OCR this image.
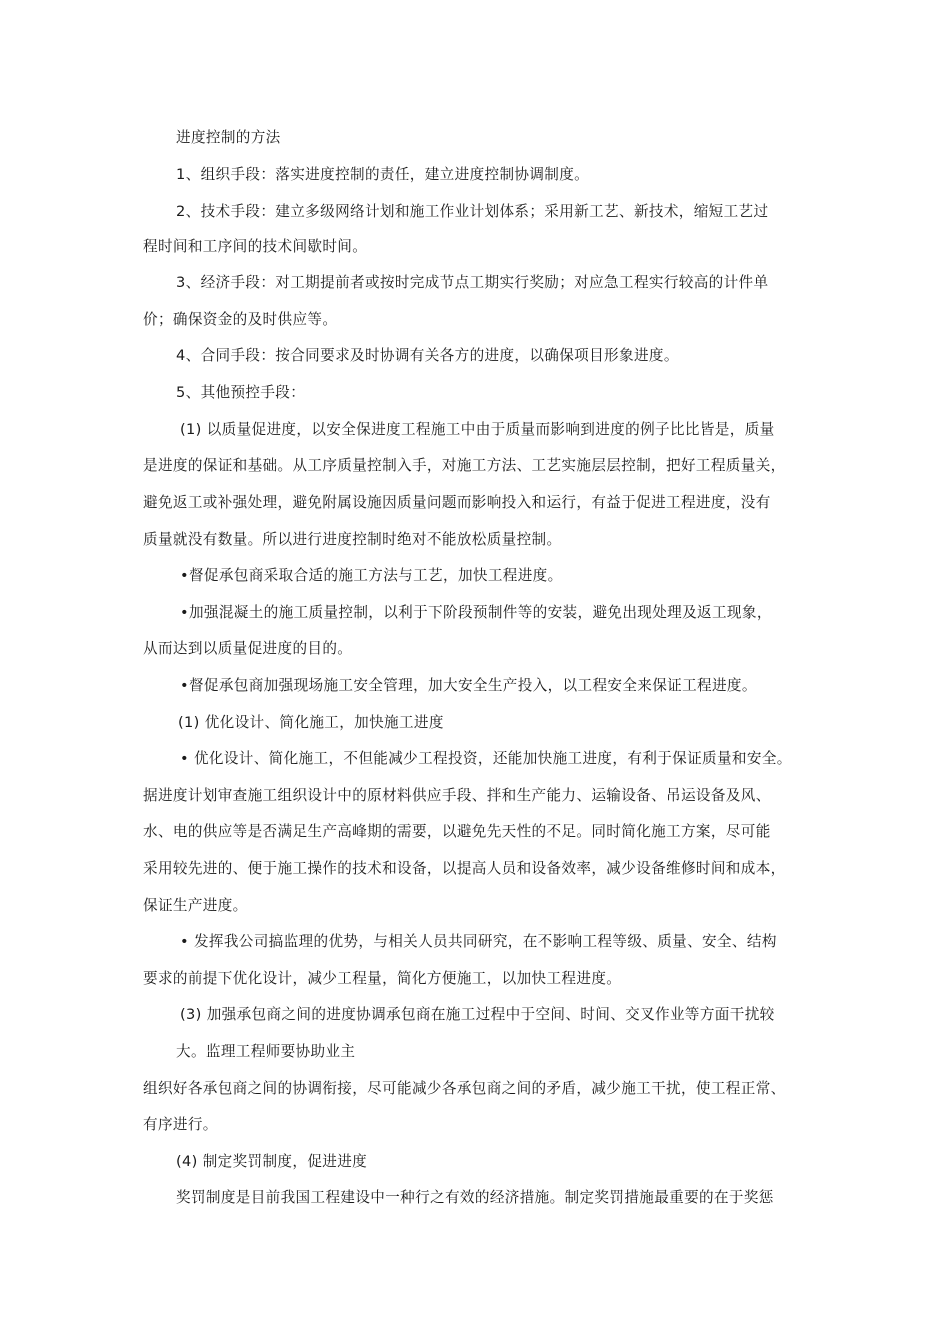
进度控制的方法
1、组织手段：落实进度控制的责任，建立进度控制协调制度。
2、技术手段：建立多级网络计划和施工作业计划体系；采用新工艺、新技术，缩短工艺过
程时间和工序间的技术间歇时间。
3、经济手段：对工期提前者或按时完成节点工期实行奖励；对应急工程实行较高的计件单
价；确保资金的及时供应等。
4、合同手段：按合同要求及时协调有关各方的进度，以确保项目形象进度。
5、其他预控手段：
(1) 以质量促进度，以安全保进度工程施工中由于质量而影响到进度的例子比比皆是，质量
是进度的保证和基础。从工序质量控制入手，对施工方法、工艺实施层层控制，把好工程质量关，
避免返工或补强处理，避免附属设施因质量问题而影响投入和运行，有益于促进工程进度，没有
质量就没有数量。所以进行进度控制时绝对不能放松质量控制。
•督促承包商采取合适的施工方法与工艺，加快工程进度。
•加强混凝土的施工质量控制，以利于下阶段预制件等的安装，避免出现处理及返工现象，
从而达到以质量促进度的目的。
•督促承包商加强现场施工安全管理，加大安全生产投入，以工程安全来保证工程进度。
(1) 优化设计、简化施工，加快施工进度
• 优化设计、简化施工，不但能减少工程投资，还能加快施工进度，有利于保证质量和安全。
据进度计划审查施工组织设计中的原材料供应手段、拌和生产能力、运输设备、吊运设备及风、
水、电的供应等是否满足生产高峰期的需要，以避免先天性的不足。同时简化施工方案，尽可能
采用较先进的、便于施工操作的技术和设备，以提高人员和设备效率，减少设备维修时间和成本，
保证生产进度。
• 发挥我公司搞监理的优势，与相关人员共同研究，在不影响工程等级、质量、安全、结构
要求的前提下优化设计，减少工程量，简化方便施工，以加快工程进度。
(3) 加强承包商之间的进度协调承包商在施工过程中于空间、时间、交叉作业等方面干扰较
大。监理工程师要协助业主
组织好各承包商之间的协调衔接，尽可能减少各承包商之间的矛盾，减少施工干扰，使工程正常、
有序进行。
(4) 制定奖罚制度，促进进度
奖罚制度是目前我国工程建设中一种行之有效的经济措施。制定奖罚措施最重要的在于奖惩
